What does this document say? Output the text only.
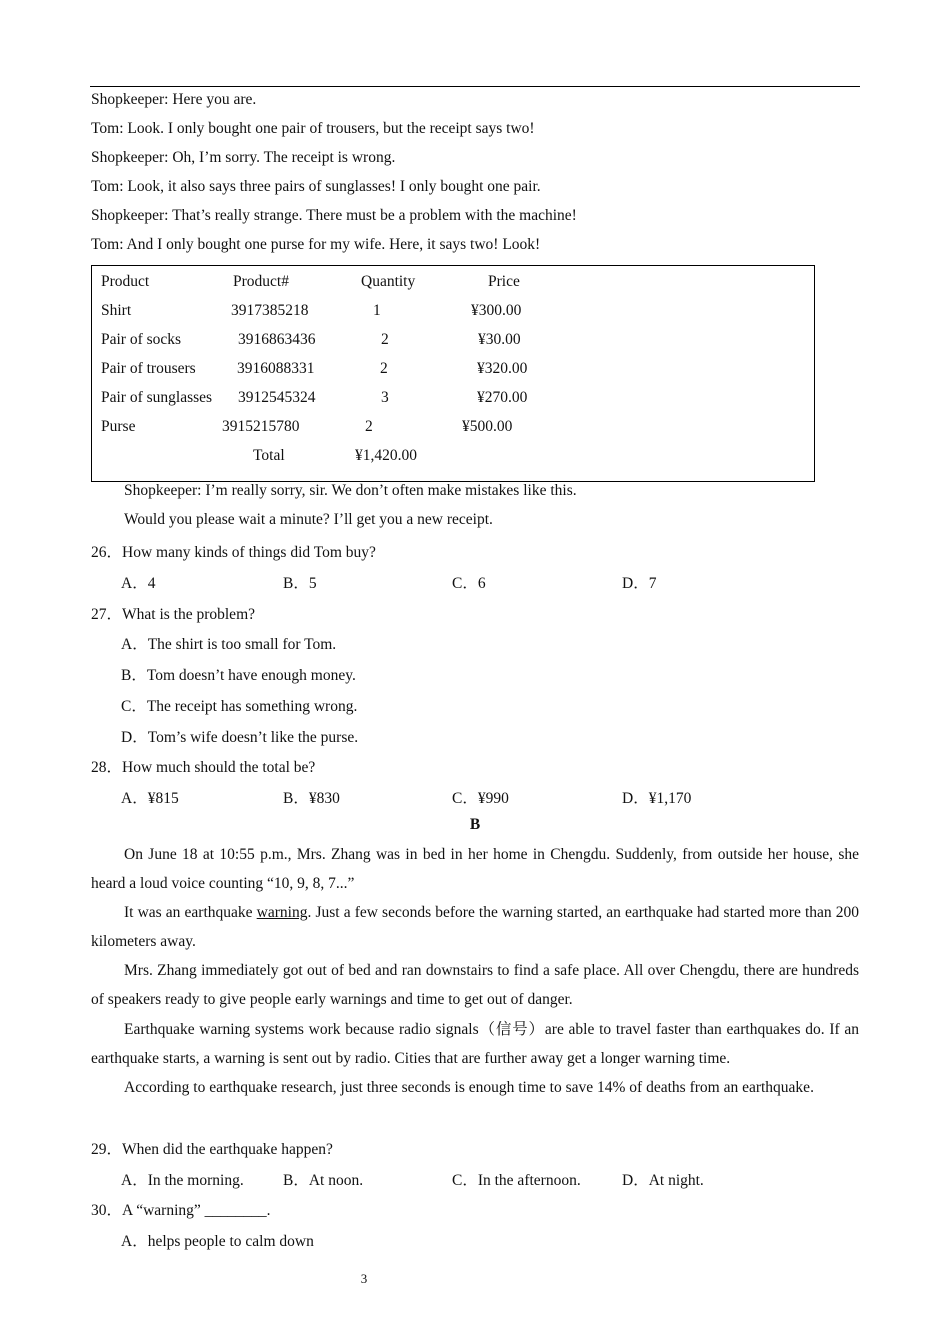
Shopkeeper: Here you are.
Tom: Look. I only bought one pair of trousers, but the receipt says two!
Shopkeeper: Oh, I’m sorry. The receipt is wrong.
Tom: Look, it also says three pairs of sunglasses! I only bought one pair.
Shopkeeper: That’s really strange. There must be a problem with the machine!
Tom: And I only bought one purse for my wife. Here, it says two! Look!
Product	Product#	Quantity	Price
Shirt	3917385218	1	¥300.00
Pair of socks	3916863436	2	¥30.00
Pair of trousers	3916088331	2	¥320.00
Pair of sunglasses 3912545324	3	¥270.00
Purse	3915215780	2	¥500.00
Total	¥1,420.00
Shopkeeper: I’m really sorry, sir. We don’t often make mistakes like this.
Would you please wait a minute? I’ll get you a new receipt.
26．How many kinds of things did Tom buy?
A．4	B．5	C．6	D．7
27．What is the problem?
A．The shirt is too small for Tom.
B．Tom doesn’t have enough money.
C．The receipt has something wrong.
D．Tom’s wife doesn’t like the purse.
28．How much should the total be?
A．¥815	B．¥830	C．¥990	D．¥1,170
B
On June 18 at 10:55 p.m., Mrs. Zhang was in bed in her home in Chengdu. Suddenly, from outside her house, she heard a loud voice counting “10, 9, 8, 7...”
It was an earthquake warning. Just a few seconds before the warning started, an earthquake had started more than 200 kilometers away.
Mrs. Zhang immediately got out of bed and ran downstairs to find a safe place. All over Chengdu, there are hundreds of speakers ready to give people early warnings and time to get out of danger.
Earthquake warning systems work because radio signals（信号）are able to travel faster than earthquakes do. If an earthquake starts, a warning is sent out by radio. Cities that are further away get a longer warning time.
According to earthquake research, just three seconds is enough time to save 14% of deaths from an earthquake.
29．When did the earthquake happen?
A．In the morning.	B．At noon.	C．In the afternoon.	D．At night.
30．A “warning” ________.
A．helps people to calm down
3
